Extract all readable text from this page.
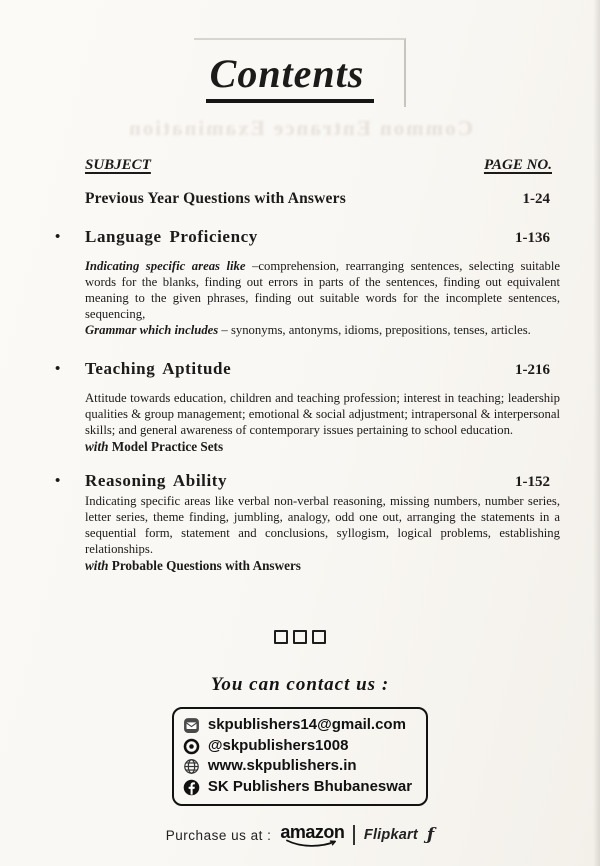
Common Entrance Examination
Contents
SUBJECT	PAGE NO.
Previous Year Questions with Answers	1-24
• Language Proficiency	1-136
Indicating specific areas like –comprehension, rearranging sentences, selecting suitable words for the blanks, finding out errors in parts of the sentences, finding out equivalent meaning to the given phrases, finding out suitable words for the incomplete sentences, sequencing,
Grammar which includes – synonyms, antonyms, idioms, prepositions, tenses, articles.
• Teaching Aptitude	1-216
Attitude towards education, children and teaching profession; interest in teaching; leadership qualities & group management; emotional & social adjustment; intrapersonal & interpersonal skills; and general awareness of contemporary issues pertaining to school education.
with Model Practice Sets
• Reasoning Ability	1-152
Indicating specific areas like verbal non-verbal reasoning, missing numbers, number series, letter series, theme finding, jumbling, analogy, odd one out, arranging the statements in a sequential form, statement and conclusions, syllogism, logical problems, establishing relationships.
with Probable Questions with Answers
You can contact us :
skpublishers14@gmail.com
@skpublishers1008
www.skpublishers.in
SK Publishers Bhubaneswar
Purchase us at : amazon Flipkart ƒ
